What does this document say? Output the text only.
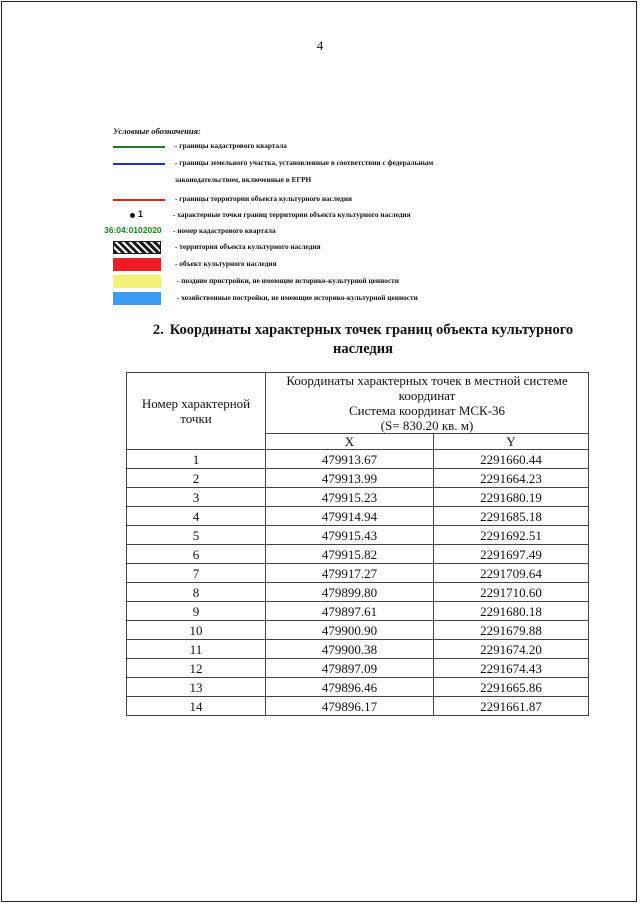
4
Условные обозначения:
- границы кадастрового квартала
- границы земельного участка, установленные в соответствии с федеральным
законодательством, включенные в ЕГРН
- границы территории объекта культурного наследия
1	- характерные точки границ территории объекта культурного наследия
36:04:0102020 - номер кадастрового квартала
- территория объекта культурного наследия
- объект культурного наследия
- поздние пристройки, не имеющие историко-культурной ценности
- хозяйственные постройки, не имеющие историко-культурной ценности
2. Координаты характерных точек границ объекта культурного наследия
Номер характерной точки	Координаты характерных точек в местной системе координат
Система координат МСК-36
(S= 830.20 кв. м)	

	X	Y
1	479913.67	2291660.44
2	479913.99	2291664.23
3	479915.23	2291680.19
4	479914.94	2291685.18
5	479915.43	2291692.51
6	479915.82	2291697.49
7	479917.27	2291709.64
8	479899.80	2291710.60
9	479897.61	2291680.18
10	479900.90	2291679.88
11	479900.38	2291674.20
12	479897.09	2291674.43
13	479896.46	2291665.86
14	479896.17	2291661.87
